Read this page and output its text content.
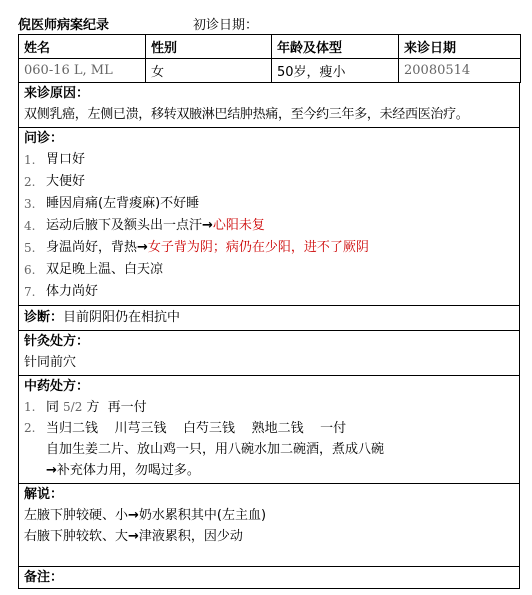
倪医师病案纪录	初诊日期：
姓名	性别	年龄及体型	来诊日期
060-16 L, ML	女	50岁，瘦小	20080514
来诊原因：
双侧乳癌，左侧已溃，移转双腋淋巴结肿热痛，至今约三年多，未经西医治疗。
问诊：
1. 胃口好
2. 大便好
3. 睡因肩痛(左背痠麻)不好睡
4. 运动后腋下及额头出一点汗 → 心阳未复
5. 身温尚好，背热 → 女子背为阴；病仍在少阳，进不了厥阴
6. 双足晚上温、白天凉
7. 体力尚好
诊断：目前阴阳仍在相抗中
针灸处方：
针同前穴
中药处方：
1. 同 5/2 方  再一付
2. 当归二钱    川芎三钱    白芍三钱    熟地二钱    一付
自加生姜二片、放山鸡一只，用八碗水加二碗酒，煮成八碗
→补充体力用，勿喝过多。
解说：
左腋下肿较硬、小→奶水累积其中(左主血)
右腋下肿较软、大→津液累积，因少动
备注：
